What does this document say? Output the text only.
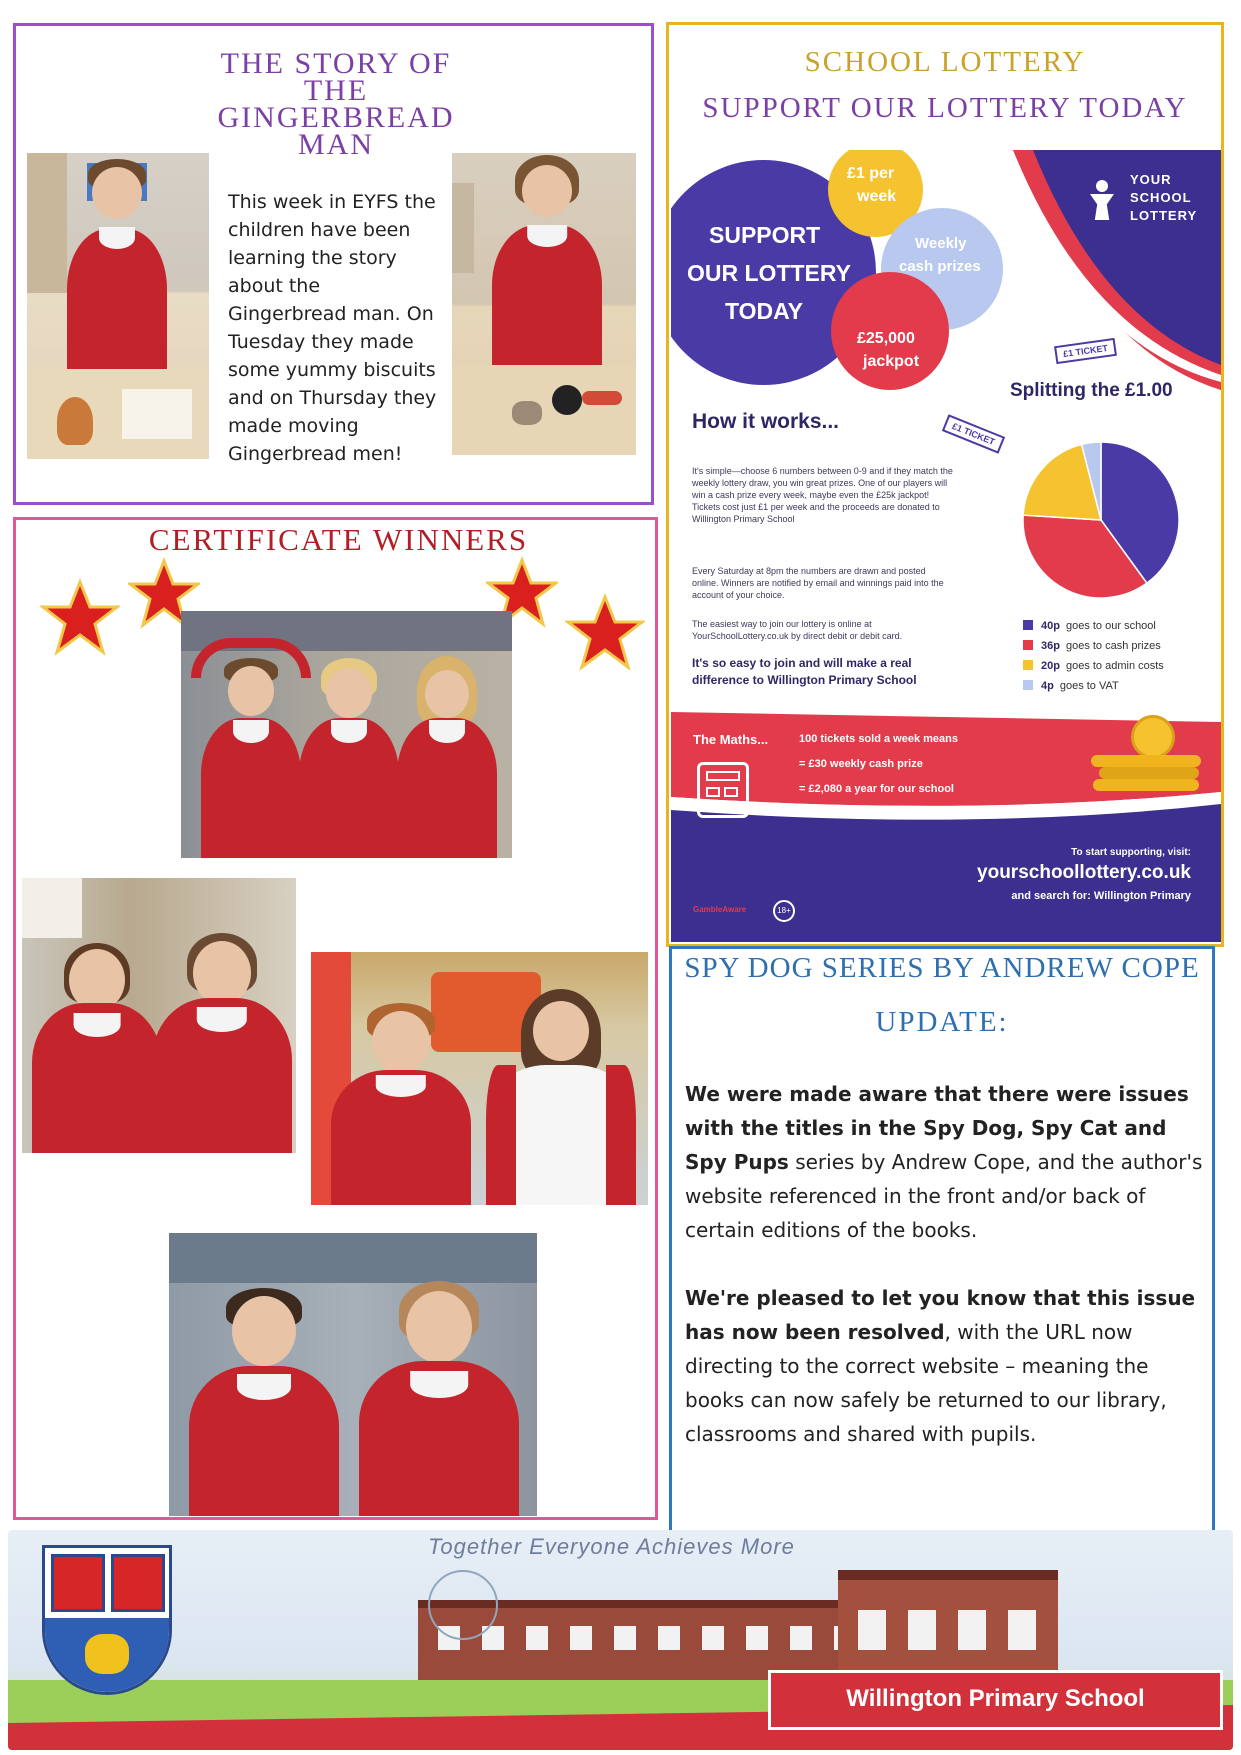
THE STORY OF THE GINGERBREAD MAN
This week in EYFS the children have been learning the story about the Gingerbread man. On Tuesday they made some yummy biscuits and on Thursday they made moving Gingerbread men!
SCHOOL LOTTERY
SUPPORT OUR LOTTERY TODAY
SUPPORT
OUR LOTTERY
TODAY
£1 per
week
Weekly
cash prizes
£25,000
jackpot
YOUR
SCHOOL
LOTTERY
£1 TICKET
Splitting the £1.00
£1 TICKET
How it works...
It's simple—choose 6 numbers between 0-9 and if they match the weekly lottery draw, you win great prizes. One of our players will win a cash prize every week, maybe even the £25k jackpot! Tickets cost just £1 per week and the proceeds are donated to Willington Primary School
Every Saturday at 8pm the numbers are drawn and posted online. Winners are notified by email and winnings paid into the account of your choice.
The easiest way to join our lottery is online at YourSchoolLottery.co.uk by direct debit or debit card.
It's so easy to join and will make a real difference to Willington Primary School
40p goes to our school
36p goes to cash prizes
20p goes to admin costs
4p goes to VAT
The Maths...	100 tickets sold a week means
= £30 weekly cash prize
= £2,080 a year for our school
To start supporting, visit:
yourschoollottery.co.uk
and search for: Willington Primary
GambleAware	18+
CERTIFICATE WINNERS
SPY DOG SERIES BY ANDREW COPE
UPDATE:
We were made aware that there were issues with the titles in the Spy Dog, Spy Cat and Spy Pups series by Andrew Cope, and the author's website referenced in the front and/or back of certain editions of the books.
We're pleased to let you know that this issue has now been resolved, with the URL now directing to the correct website – meaning the books can now safely be returned to our library, classrooms and shared with pupils.
Willington Primary School
Together Everyone Achieves More
